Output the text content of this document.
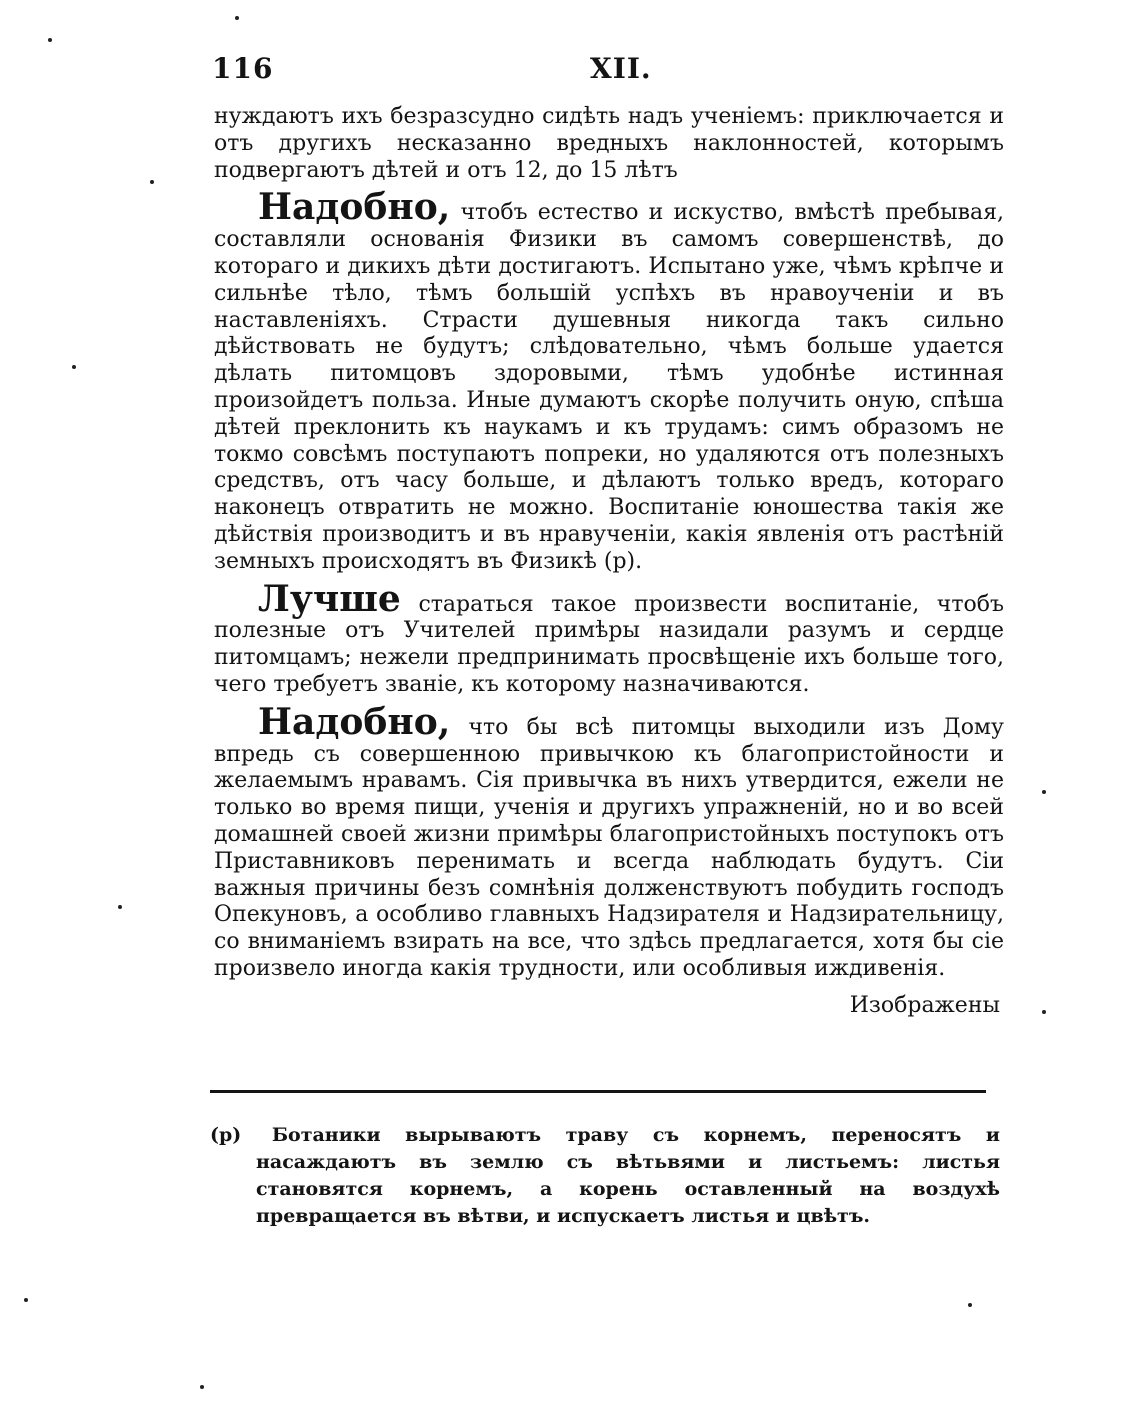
116	XII.

нуждаютъ ихъ безразсудно сидѣть надъ ученіемъ: приключается и отъ другихъ несказанно вредныхъ наклонностей, которымъ подвергаютъ дѣтей и отъ 12, до 15 лѣтъ

Надобно, чтобъ естество и искуство, вмѣстѣ пребывая, составляли основанія Физики въ самомъ совершенствѣ, до котораго и дикихъ дѣти достигаютъ. Испытано уже, чѣмъ крѣпче и сильнѣе тѣло, тѣмъ большій успѣхъ въ нравоученіи и въ наставленіяхъ. Страсти душевныя никогда такъ сильно дѣйствовать не будутъ; слѣдовательно, чѣмъ больше удается дѣлать питомцовъ здоровыми, тѣмъ удобнѣе истинная произойдетъ польза. Иные думаютъ скорѣе получить оную, спѣша дѣтей преклонить къ наукамъ и къ трудамъ: симъ образомъ не токмо совсѣмъ поступаютъ попреки, но удаляются отъ полезныхъ средствъ, отъ часу больше, и дѣлаютъ только вредъ, котораго наконецъ отвратить не можно. Воспитаніе юношества такія же дѣйствія производитъ и въ нравученіи, какія явленія отъ растѣній земныхъ происходятъ въ Физикѣ (р).

Лучше стараться такое произвести воспитаніе, чтобъ полезные отъ Учителей примѣры назидали разумъ и сердце питомцамъ; нежели предпринимать просвѣщеніе ихъ больше того, чего требуетъ званіе, къ которому назначиваются.

Надобно, что бы всѣ питомцы выходили изъ Дому впредь съ совершенною привычкою къ благопристойности и желаемымъ нравамъ. Сія привычка въ нихъ утвердится, ежели не только во время пищи, ученія и другихъ упражненій, но и во всей домашней своей жизни примѣры благопристойныхъ поступокъ отъ Приставниковъ перенимать и всегда наблюдать будутъ. Сіи важныя причины безъ сомнѣнія долженствуютъ побудить господъ Опекуновъ, а особливо главныхъ Надзирателя и Надзирательницу, со вниманіемъ взирать на все, что здѣсь предлагается, хотя бы сіе произвело иногда какія трудности, или особливыя иждивенія.

Изображены
(р) Ботаники вырываютъ траву съ корнемъ, переносятъ и насаждаютъ въ землю съ вѣтьвями и листьемъ: листья становятся корнемъ, а корень оставленный на воздухѣ превращается въ вѣтви, и испускаетъ листья и цвѣтъ.
